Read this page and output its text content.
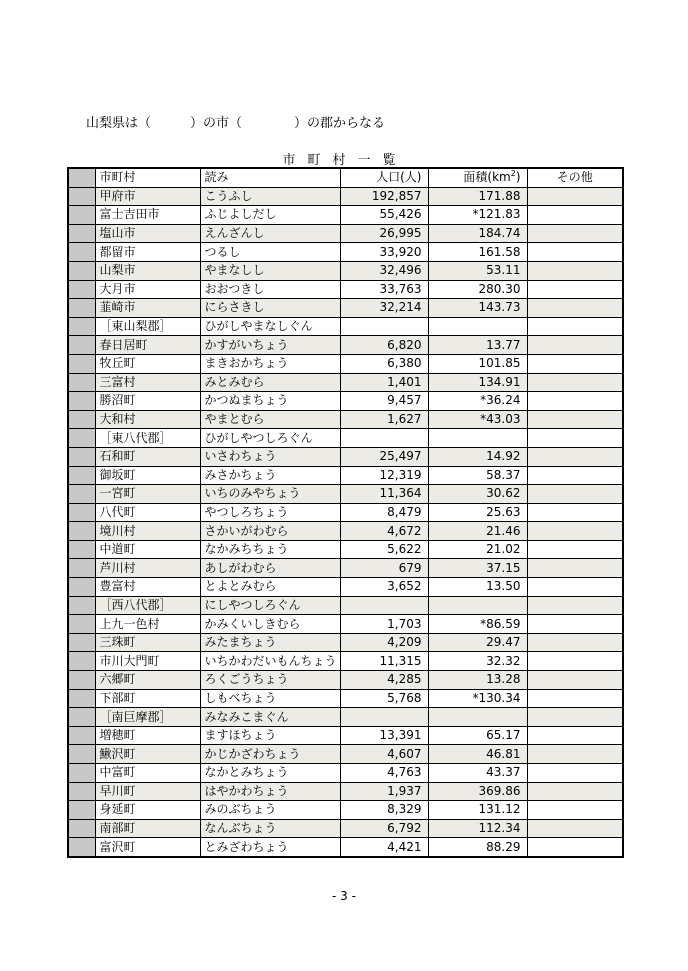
山梨県は（　　　）の市（　　　　）の郡からなる
市町村一覧
	市町村	読み	人口(人)	面積$(km^2)$	その他
	甲府市	こうふし	192,857	171.88	
	富士吉田市	ふじよしだし	55,426	*121.83	
	塩山市	えんざんし	26,995	184.74	
	都留市	つるし	33,920	161.58	
	山梨市	やまなしし	32,496	53.11	
	大月市	おおつきし	33,763	280.30	
	韮崎市	にらさきし	32,214	143.73	
	［東山梨郡］	ひがしやまなしぐん			
	春日居町	かすがいちょう	6,820	13.77	
	牧丘町	まきおかちょう	6,380	101.85	
	三富村	みとみむら	1,401	134.91	
	勝沼町	かつぬまちょう	9,457	*36.24	
	大和村	やまとむら	1,627	*43.03	
	［東八代郡］	ひがしやつしろぐん			
	石和町	いさわちょう	25,497	14.92	
	御坂町	みさかちょう	12,319	58.37	
	一宮町	いちのみやちょう	11,364	30.62	
	八代町	やつしろちょう	8,479	25.63	
	境川村	さかいがわむら	4,672	21.46	
	中道町	なかみちちょう	5,622	21.02	
	芦川村	あしがわむら	679	37.15	
	豊富村	とよとみむら	3,652	13.50	
	［西八代郡］	にしやつしろぐん			
	上九一色村	かみくいしきむら	1,703	*86.59	
	三珠町	みたまちょう	4,209	29.47	
	市川大門町	いちかわだいもんちょう	11,315	32.32	
	六郷町	ろくごうちょう	4,285	13.28	
	下部町	しもべちょう	5,768	*130.34	
	［南巨摩郡］	みなみこまぐん			
	増穂町	ますほちょう	13,391	65.17	
	鰍沢町	かじかざわちょう	4,607	46.81	
	中富町	なかとみちょう	4,763	43.37	
	早川町	はやかわちょう	1,937	369.86	
	身延町	みのぶちょう	8,329	131.12	
	南部町	なんぶちょう	6,792	112.34	
	富沢町	とみざわちょう	4,421	88.29	
- 3 -
